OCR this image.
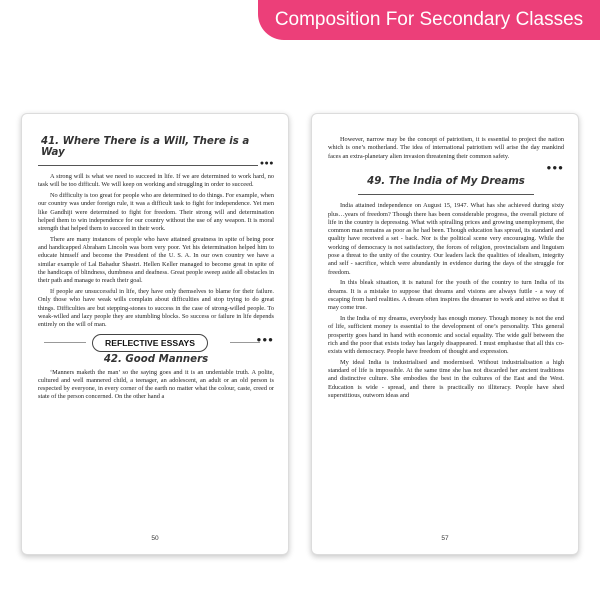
Composition For Secondary Classes
41. Where There is a Will, There is a Way
●●●

A strong will is what we need to succeed in life. If we are determined to work hard, no task will be too difficult. We will keep on working and struggling in order to succeed.

No difficulty is too great for people who are determined to do things. For example, when our country was under foreign rule, it was a difficult task to fight for independence. Yet men like Gandhiji were determined to fight for freedom. Their strong will and determination helped them to win independence for our country without the use of any weapon. It is moral strength that helped them to succeed in their work.

There are many instances of people who have attained greatness in spite of being poor and handicapped Abraham Lincoln was born very poor. Yet his determination helped him to educate himself and become the President of the U. S. A. In our own country we have a similar example of Lal Bahadur Shastri. Hellen Keller managed to become great in spite of the handicaps of blindness, dumbness and deafness. Great people sweep aside all obstacles in their path and manage to reach their goal.

If people are unsuccessful in life, they have only themselves to blame for their failure. Only those who have weak wills complain about difficulties and stop trying to do great things. Difficulties are but stepping-stones to success in the case of strong-willed people. To weak-willed and lazy people they are stumbling blocks. So success or failure in life depends entirely on the will of man.

REFLECTIVE ESSAYS	●●●
42. Good Manners

‘Manners maketh the man’ so the saying goes and it is an undeniable truth. A polite, cultured and well mannered child, a teenager, an adolescent, an adult or an old person is respected by everyone, in every corner of the earth no matter what the colour, caste, creed or state of the person concerned. On the other hand a

50

However, narrow may be the concept of patriotism, it is essential to project the nation which is one’s motherland. The idea of international patriotism will arise the day mankind faces an extra-planetary alien invasion threatening their common safety.

●●●
49. The India of My Dreams

India attained independence on August 15, 1947. What has she achieved during sixty plus…years of freedom? Though there has been considerable progress, the overall picture of life in the country is depressing. What with spiralling prices and growing unemployment, the common man remains as poor as he had been. Though education has spread, its standard and quality have received a set - back. Nor is the political scene very encouraging. While the working of democracy is not satisfactory, the forces of religion, provincialism and linguism pose a threat to the unity of the country. Our leaders lack the qualities of idealism, integrity and self - sacrifice, which were abundantly in evidence during the days of the struggle for freedom.

In this bleak situation, it is natural for the youth of the country to turn India of its dreams. It is a mistake to suppose that dreams and visions are always futile - a way of escaping from hard realities. A dream often inspires the dreamer to work and strive so that it may come true.

In the India of my dreams, everybody has enough money. Though money is not the end of life, sufficient money is essential to the development of one’s personality. This general prosperity goes hand in hand with economic and social equality. The wide gulf between the rich and the poor that exists today has largely disappeared. I must emphasise that all this co-exists with democracy. People have freedom of thought and expression.

My ideal India is industrialised and modernised. Without industrialisation a high standard of life is impossible. At the same time she has not discarded her ancient traditions and distinctive culture. She embodies the best in the cultures of the East and the West. Education is wide - spread, and there is practically no illiteracy. People have shed superstitious, outworn ideas and

57
